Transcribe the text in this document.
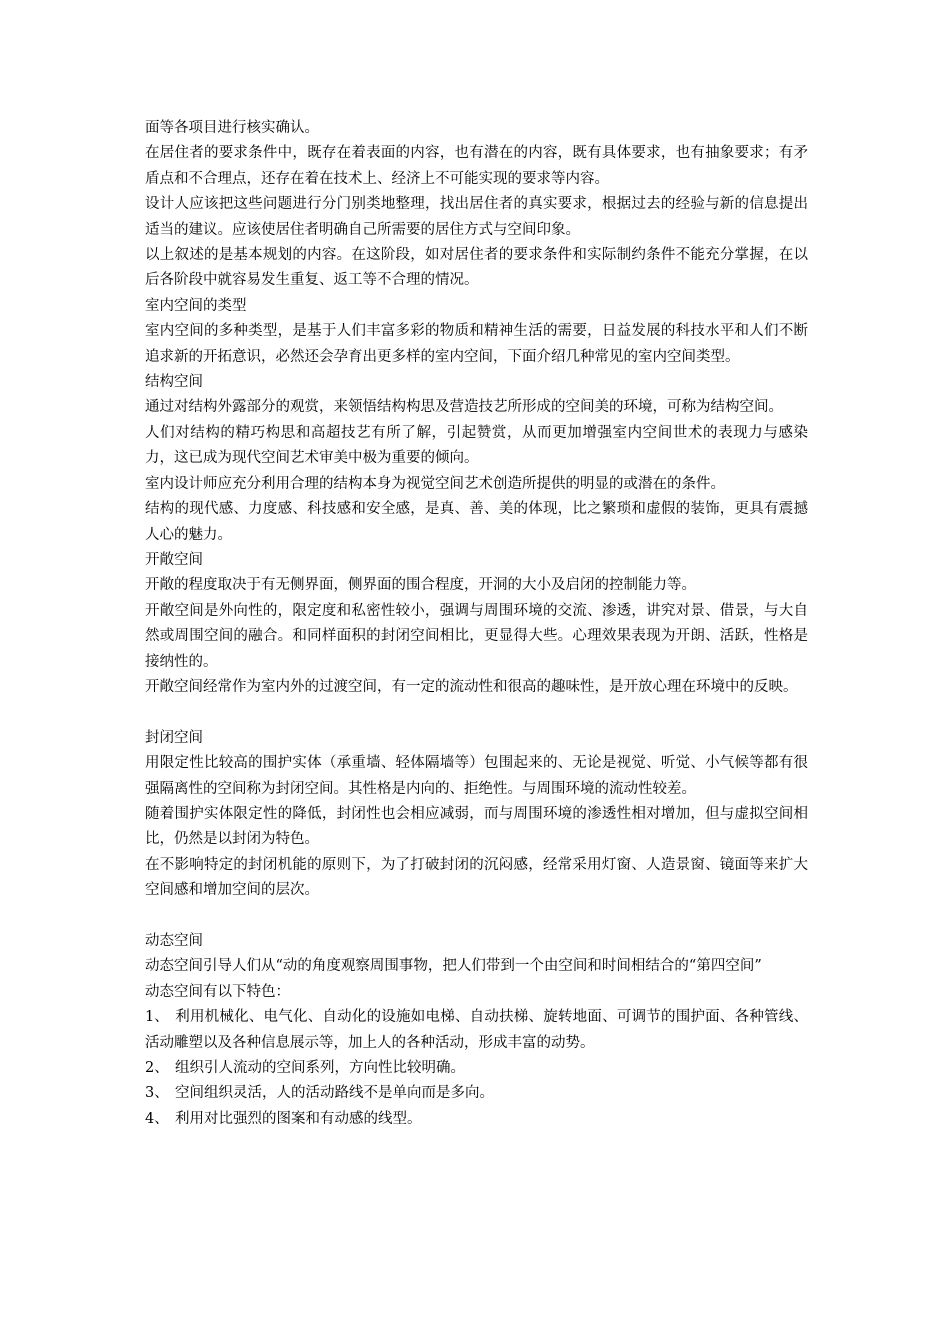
面等各项目进行核实确认。

在居住者的要求条件中，既存在着表面的内容，也有潜在的内容，既有具体要求，也有抽象要求；有矛盾点和不合理点，还存在着在技术上、经济上不可能实现的要求等内容。

设计人应该把这些问题进行分门别类地整理，找出居住者的真实要求，根据过去的经验与新的信息提出适当的建议。应该使居住者明确自己所需要的居住方式与空间印象。

以上叙述的是基本规划的内容。在这阶段，如对居住者的要求条件和实际制约条件不能充分掌握，在以后各阶段中就容易发生重复、返工等不合理的情况。

室内空间的类型

室内空间的多种类型，是基于人们丰富多彩的物质和精神生活的需要，日益发展的科技水平和人们不断追求新的开拓意识，必然还会孕育出更多样的室内空间，下面介绍几种常见的室内空间类型。

结构空间

通过对结构外露部分的观赏，来领悟结构构思及营造技艺所形成的空间美的环境，可称为结构空间。

人们对结构的精巧构思和高超技艺有所了解，引起赞赏，从而更加增强室内空间世术的表现力与感染力，这已成为现代空间艺术审美中极为重要的倾向。

室内设计师应充分利用合理的结构本身为视觉空间艺术创造所提供的明显的或潜在的条件。

结构的现代感、力度感、科技感和安全感，是真、善、美的体现，比之繁琐和虚假的装饰，更具有震撼人心的魅力。

开敞空间

开敞的程度取决于有无侧界面，侧界面的围合程度，开洞的大小及启闭的控制能力等。

开敞空间是外向性的，限定度和私密性较小，强调与周围环境的交流、渗透，讲究对景、借景，与大自然或周围空间的融合。和同样面积的封闭空间相比，更显得大些。心理效果表现为开朗、活跃，性格是接纳性的。

开敞空间经常作为室内外的过渡空间，有一定的流动性和很高的趣味性，是开放心理在环境中的反映。

封闭空间

用限定性比较高的围护实体（承重墙、轻体隔墙等）包围起来的、无论是视觉、听觉、小气候等都有很强隔离性的空间称为封闭空间。其性格是内向的、拒绝性。与周围环境的流动性较差。

随着围护实体限定性的降低，封闭性也会相应减弱，而与周围环境的渗透性相对增加，但与虚拟空间相比，仍然是以封闭为特色。

在不影响特定的封闭机能的原则下，为了打破封闭的沉闷感，经常采用灯窗、人造景窗、镜面等来扩大空间感和增加空间的层次。

动态空间

动态空间引导人们从“动的角度观察周围事物，把人们带到一个由空间和时间相结合的“第四空间”

动态空间有以下特色：

1、 利用机械化、电气化、自动化的设施如电梯、自动扶梯、旋转地面、可调节的围护面、各种管线、活动雕塑以及各种信息展示等，加上人的各种活动，形成丰富的动势。

2、 组织引人流动的空间系列，方向性比较明确。

3、 空间组织灵活，人的活动路线不是单向而是多向。

4、 利用对比强烈的图案和有动感的线型。
